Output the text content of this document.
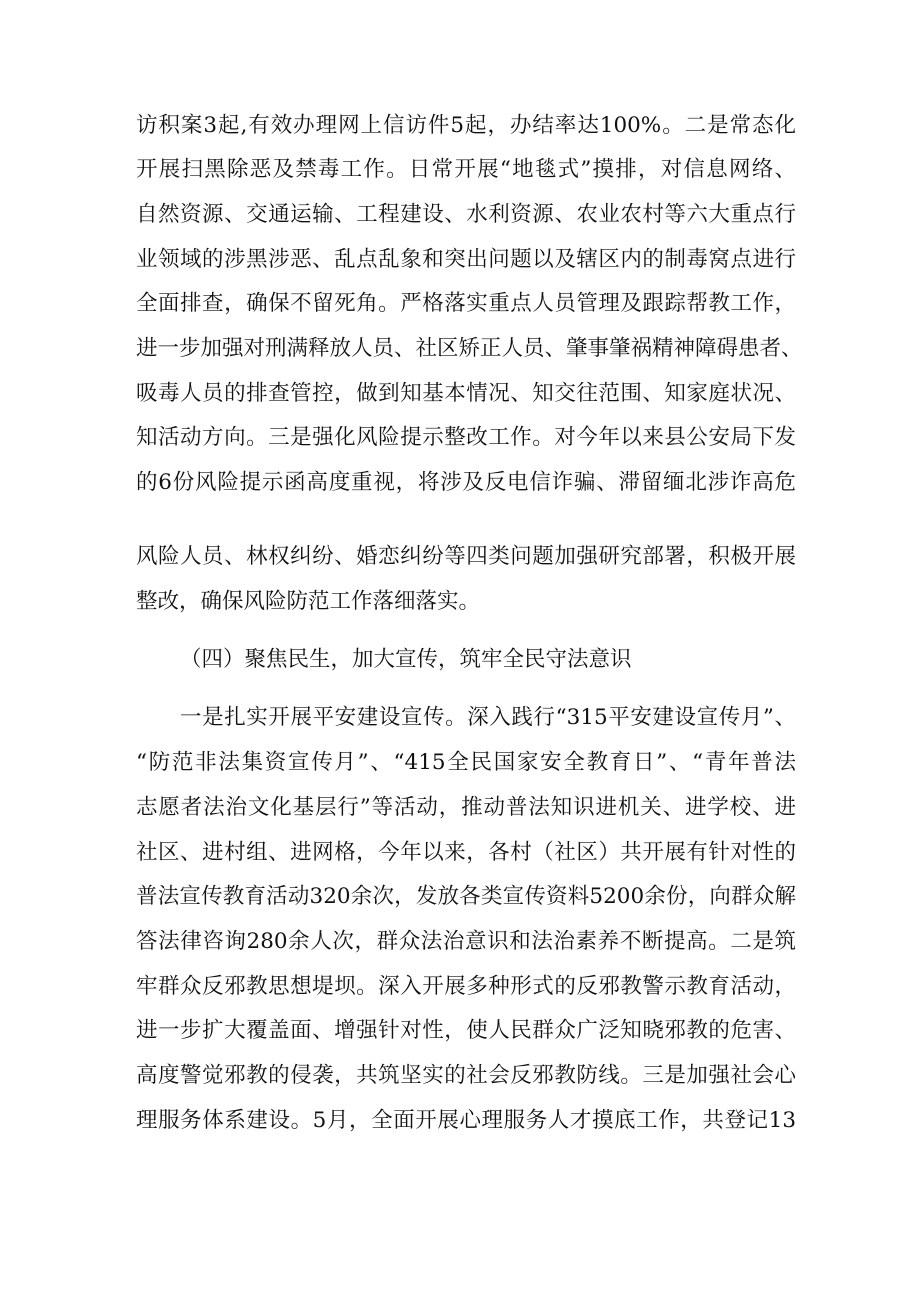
访积案3起,有效办理网上信访件5起，办结率达100%。二是常态化
开展扫黑除恶及禁毒工作。日常开展“地毯式”摸排，对信息网络、
自然资源、交通运输、工程建设、水利资源、农业农村等六大重点行
业领域的涉黑涉恶、乱点乱象和突出问题以及辖区内的制毒窝点进行
全面排查，确保不留死角。严格落实重点人员管理及跟踪帮教工作，
进一步加强对刑满释放人员、社区矫正人员、肇事肇祸精神障碍患者、
吸毒人员的排查管控，做到知基本情况、知交往范围、知家庭状况、
知活动方向。三是强化风险提示整改工作。对今年以来县公安局下发
的6份风险提示函高度重视，将涉及反电信诈骗、滞留缅北涉诈高危
风险人员、林权纠纷、婚恋纠纷等四类问题加强研究部署，积极开展
整改，确保风险防范工作落细落实。
（四）聚焦民生，加大宣传，筑牢全民守法意识
一是扎实开展平安建设宣传。深入践行“315平安建设宣传月”、
“防范非法集资宣传月”、“415全民国家安全教育日”、“青年普法
志愿者法治文化基层行”等活动，推动普法知识进机关、进学校、进
社区、进村组、进网格，今年以来，各村（社区）共开展有针对性的
普法宣传教育活动320余次，发放各类宣传资料5200余份，向群众解
答法律咨询280余人次，群众法治意识和法治素养不断提高。二是筑
牢群众反邪教思想堤坝。深入开展多种形式的反邪教警示教育活动，
进一步扩大覆盖面、增强针对性，使人民群众广泛知晓邪教的危害、
高度警觉邪教的侵袭，共筑坚实的社会反邪教防线。三是加强社会心
理服务体系建设。5月，全面开展心理服务人才摸底工作，共登记13
